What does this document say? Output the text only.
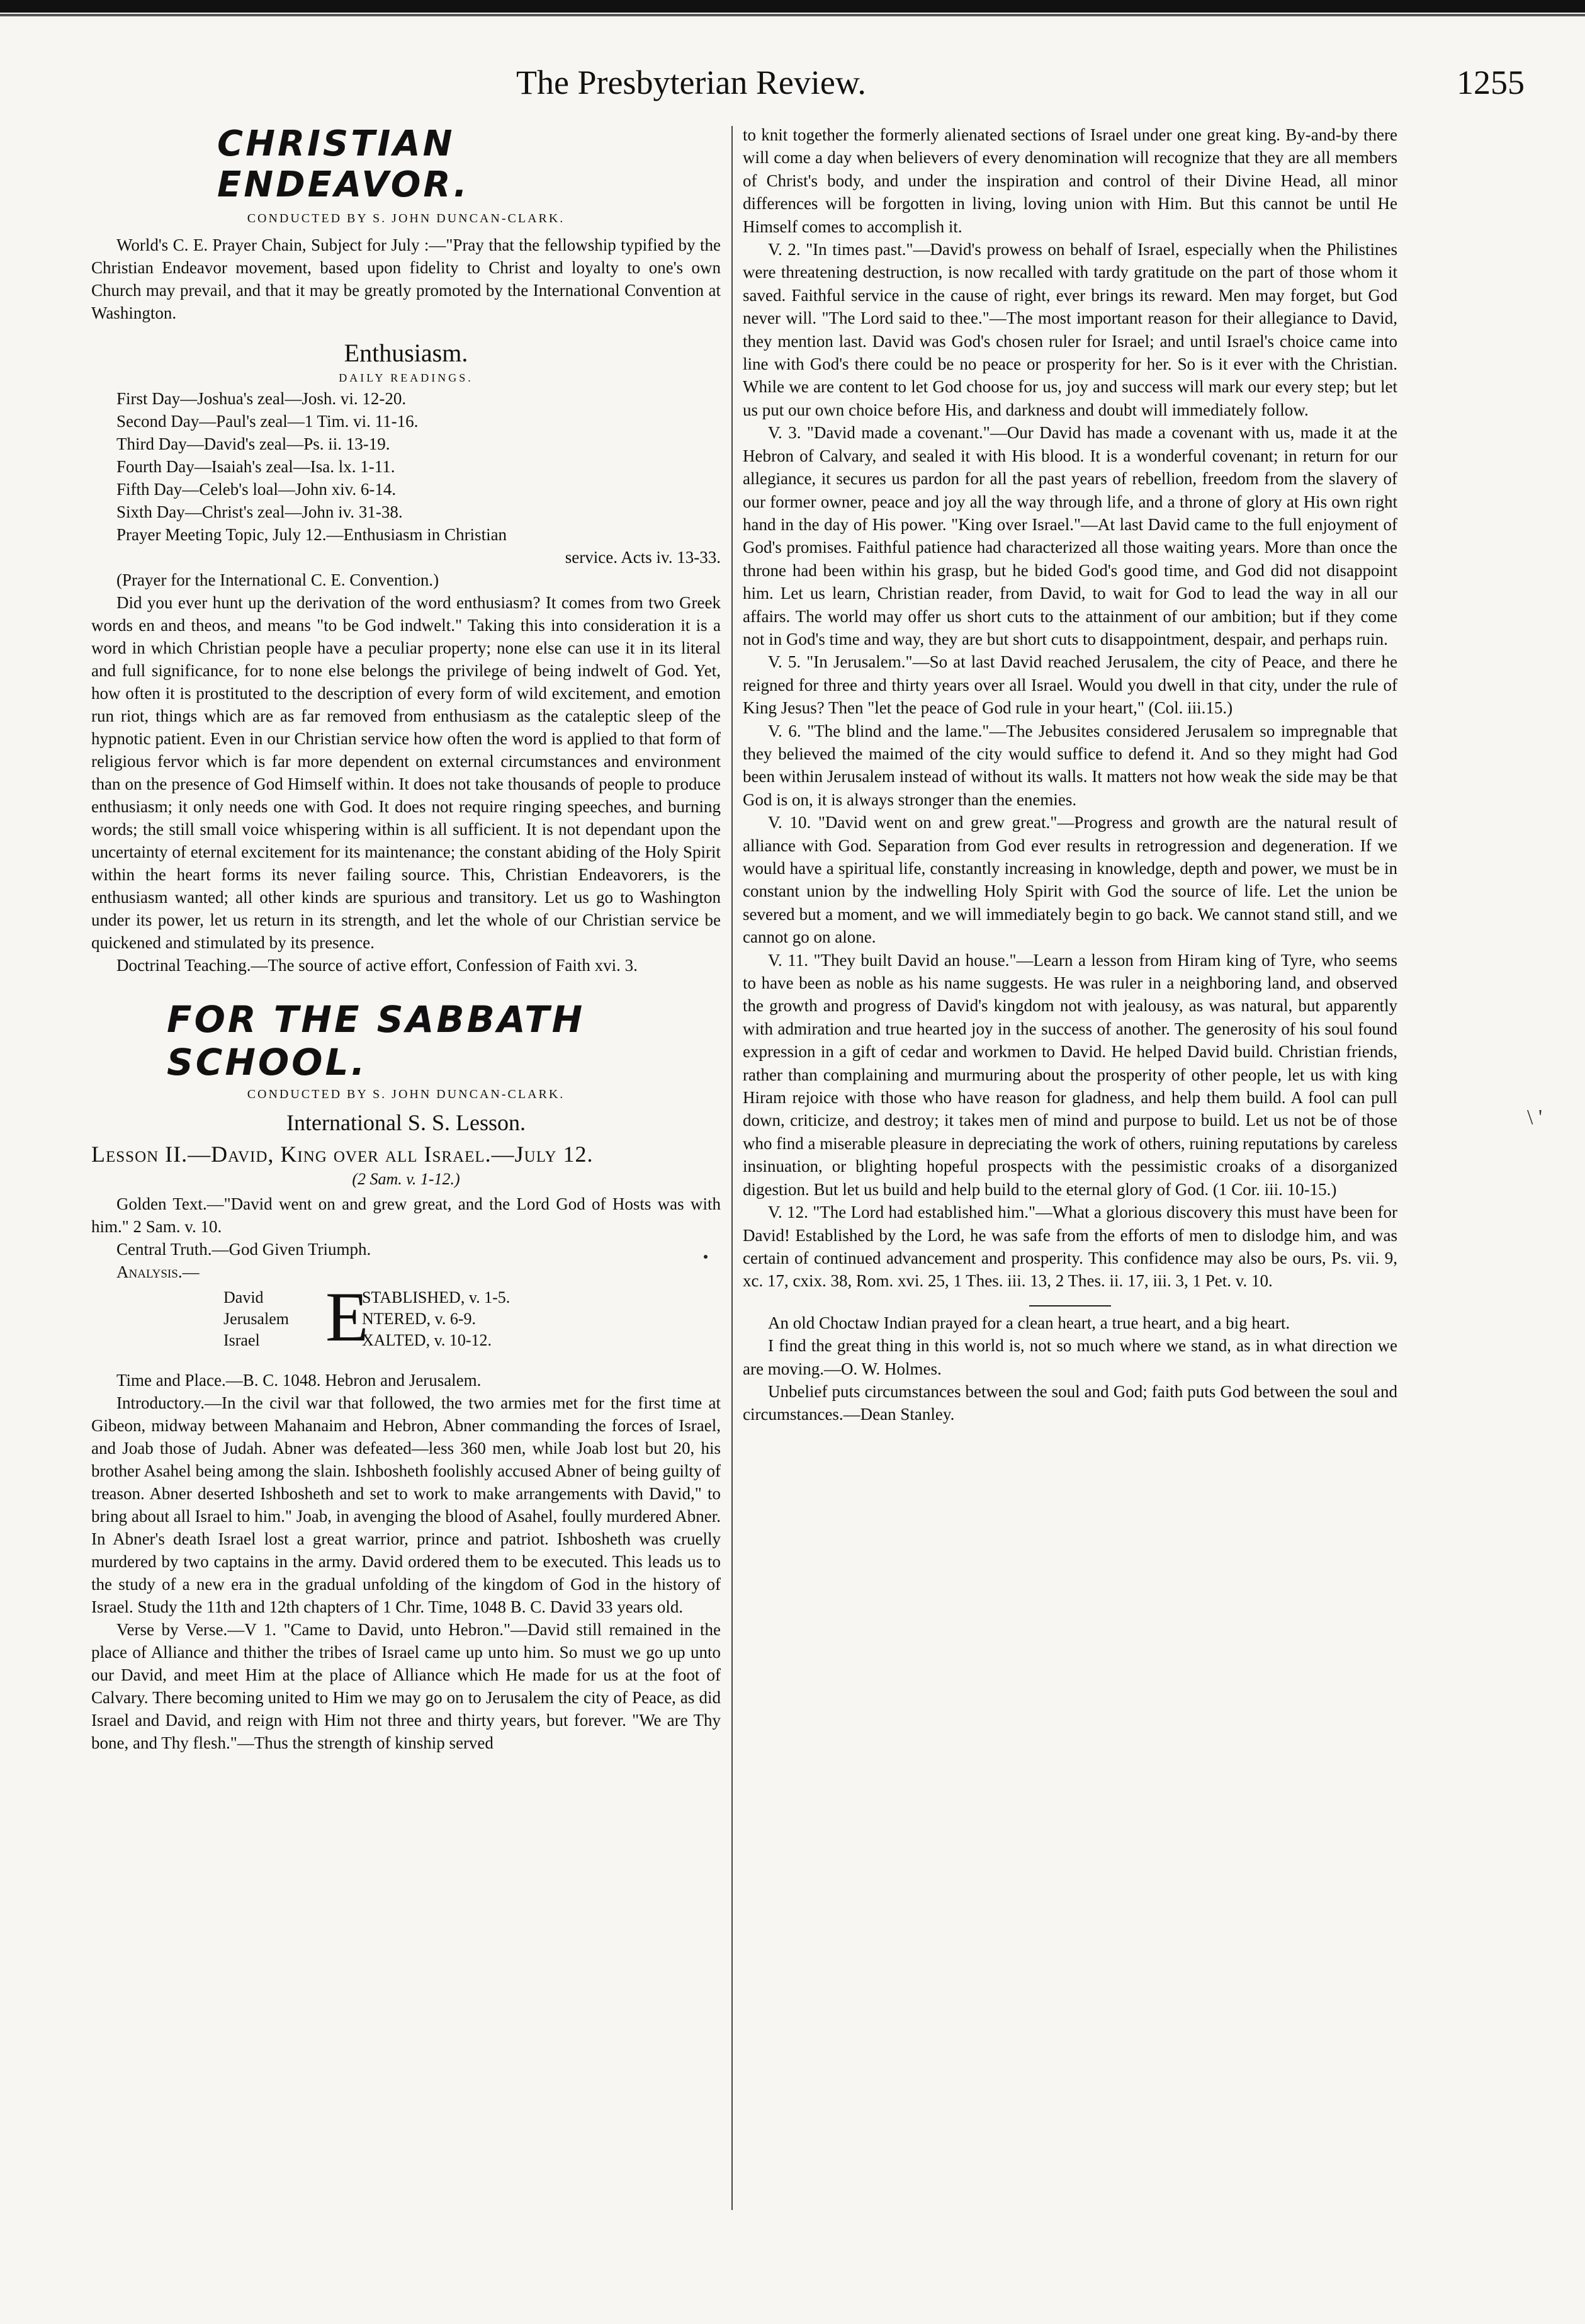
The Presbyterian Review.	1255
CHRISTIAN ENDEAVOR.
CONDUCTED BY S. JOHN DUNCAN-CLARK.

World's C. E. Prayer Chain, Subject for July :—"Pray that the fellowship typified by the Christian Endeavor movement, based upon fidelity to Christ and loyalty to one's own Church may prevail, and that it may be greatly promoted by the International Convention at Washington.

Enthusiasm.
DAILY READINGS.
First Day—Joshua's zeal—Josh. vi. 12-20.
Second Day—Paul's zeal—1 Tim. vi. 11-16.
Third Day—David's zeal—Ps. ii. 13-19.
Fourth Day—Isaiah's zeal—Isa. lx. 1-11.
Fifth Day—Celeb's loal—John xiv. 6-14.
Sixth Day—Christ's zeal—John iv. 31-38.

Prayer Meeting Topic, July 12.—Enthusiasm in Christian

service. Acts iv. 13-33.

(Prayer for the International C. E. Convention.)

Did you ever hunt up the derivation of the word enthusiasm? It comes from two Greek words en and theos, and means "to be God indwelt." Taking this into consideration it is a word in which Christian people have a peculiar property; none else can use it in its literal and full significance, for to none else belongs the privilege of being indwelt of God. Yet, how often it is prostituted to the description of every form of wild excitement, and emotion run riot, things which are as far removed from enthusiasm as the cataleptic sleep of the hypnotic patient. Even in our Christian service how often the word is applied to that form of religious fervor which is far more dependent on external circumstances and environment than on the presence of God Himself within. It does not take thousands of people to produce enthusiasm; it only needs one with God. It does not require ringing speeches, and burning words; the still small voice whispering within is all sufficient. It is not dependant upon the uncertainty of eternal excitement for its maintenance; the constant abiding of the Holy Spirit within the heart forms its never failing source. This, Christian Endeavorers, is the enthusiasm wanted; all other kinds are spurious and transitory. Let us go to Washington under its power, let us return in its strength, and let the whole of our Christian service be quickened and stimulated by its presence.

Doctrinal Teaching.—The source of active effort, Confession of Faith xvi. 3.

FOR THE SABBATH SCHOOL.
CONDUCTED BY S. JOHN DUNCAN-CLARK.
International S. S. Lesson.
Lesson II.—David, King over all Israel.—July 12.
(2 Sam. v. 1-12.)

Golden Text.—"David went on and grew great, and the Lord God of Hosts was with him." 2 Sam. v. 10.

Central Truth.—God Given Triumph.

Analysis.—

David
Jerusalem
Israel E
STABLISHED, v. 1-5.
NTERED, v. 6-9.
XALTED, v. 10-12.

Time and Place.—B. C. 1048. Hebron and Jerusalem.

Introductory.—In the civil war that followed, the two armies met for the first time at Gibeon, midway between Mahanaim and Hebron, Abner commanding the forces of Israel, and Joab those of Judah. Abner was defeated—less 360 men, while Joab lost but 20, his brother Asahel being among the slain. Ishbosheth foolishly accused Abner of being guilty of treason. Abner deserted Ishbosheth and set to work to make arrangements with David," to bring about all Israel to him." Joab, in avenging the blood of Asahel, foully murdered Abner. In Abner's death Israel lost a great warrior, prince and patriot. Ishbosheth was cruelly murdered by two captains in the army. David ordered them to be executed. This leads us to the study of a new era in the gradual unfolding of the kingdom of God in the history of Israel. Study the 11th and 12th chapters of 1 Chr. Time, 1048 B. C. David 33 years old.

Verse by Verse.—V 1. "Came to David, unto Hebron."—David still remained in the place of Alliance and thither the tribes of Israel came up unto him. So must we go up unto our David, and meet Him at the place of Alliance which He made for us at the foot of Calvary. There becoming united to Him we may go on to Jerusalem the city of Peace, as did Israel and David, and reign with Him not three and thirty years, but forever. "We are Thy bone, and Thy flesh."—Thus the strength of kinship served

to knit together the formerly alienated sections of Israel under one great king. By-and-by there will come a day when believers of every denomination will recognize that they are all members of Christ's body, and under the inspiration and control of their Divine Head, all minor differences will be forgotten in living, loving union with Him. But this cannot be until He Himself comes to accomplish it.

V. 2. "In times past."—David's prowess on behalf of Israel, especially when the Philistines were threatening destruction, is now recalled with tardy gratitude on the part of those whom it saved. Faithful service in the cause of right, ever brings its reward. Men may forget, but God never will. "The Lord said to thee."—The most important reason for their allegiance to David, they mention last. David was God's chosen ruler for Israel; and until Israel's choice came into line with God's there could be no peace or prosperity for her. So is it ever with the Christian. While we are content to let God choose for us, joy and success will mark our every step; but let us put our own choice before His, and darkness and doubt will immediately follow.

V. 3. "David made a covenant."—Our David has made a covenant with us, made it at the Hebron of Calvary, and sealed it with His blood. It is a wonderful covenant; in return for our allegiance, it secures us pardon for all the past years of rebellion, freedom from the slavery of our former owner, peace and joy all the way through life, and a throne of glory at His own right hand in the day of His power. "King over Israel."—At last David came to the full enjoyment of God's promises. Faithful patience had characterized all those waiting years. More than once the throne had been within his grasp, but he bided God's good time, and God did not disappoint him. Let us learn, Christian reader, from David, to wait for God to lead the way in all our affairs. The world may offer us short cuts to the attainment of our ambition; but if they come not in God's time and way, they are but short cuts to disappointment, despair, and perhaps ruin.

V. 5. "In Jerusalem."—So at last David reached Jerusalem, the city of Peace, and there he reigned for three and thirty years over all Israel. Would you dwell in that city, under the rule of King Jesus? Then "let the peace of God rule in your heart," (Col. iii.15.)

V. 6. "The blind and the lame."—The Jebusites considered Jerusalem so impregnable that they believed the maimed of the city would suffice to defend it. And so they might had God been within Jerusalem instead of without its walls. It matters not how weak the side may be that God is on, it is always stronger than the enemies.

V. 10. "David went on and grew great."—Progress and growth are the natural result of alliance with God. Separation from God ever results in retrogression and degeneration. If we would have a spiritual life, constantly increasing in knowledge, depth and power, we must be in constant union by the indwelling Holy Spirit with God the source of life. Let the union be severed but a moment, and we will immediately begin to go back. We cannot stand still, and we cannot go on alone.

V. 11. "They built David an house."—Learn a lesson from Hiram king of Tyre, who seems to have been as noble as his name suggests. He was ruler in a neighboring land, and observed the growth and progress of David's kingdom not with jealousy, as was natural, but apparently with admiration and true hearted joy in the success of another. The generosity of his soul found expression in a gift of cedar and workmen to David. He helped David build. Christian friends, rather than complaining and murmuring about the prosperity of other people, let us with king Hiram rejoice with those who have reason for gladness, and help them build. A fool can pull down, criticize, and destroy; it takes men of mind and purpose to build. Let us not be of those who find a miserable pleasure in depreciating the work of others, ruining reputations by careless insinuation, or blighting hopeful prospects with the pessimistic croaks of a disorganized digestion. But let us build and help build to the eternal glory of God. (1 Cor. iii. 10-15.)

V. 12. "The Lord had established him."—What a glorious discovery this must have been for David! Established by the Lord, he was safe from the efforts of men to dislodge him, and was certain of continued advancement and prosperity. This confidence may also be ours, Ps. vii. 9, xc. 17, cxix. 38, Rom. xvi. 25, 1 Thes. iii. 13, 2 Thes. ii. 17, iii. 3, 1 Pet. v. 10.

An old Choctaw Indian prayed for a clean heart, a true heart, and a big heart.

I find the great thing in this world is, not so much where we stand, as in what direction we are moving.—O. W. Holmes.

Unbelief puts circumstances between the soul and God; faith puts God between the soul and circumstances.—Dean Stanley.

\ '
